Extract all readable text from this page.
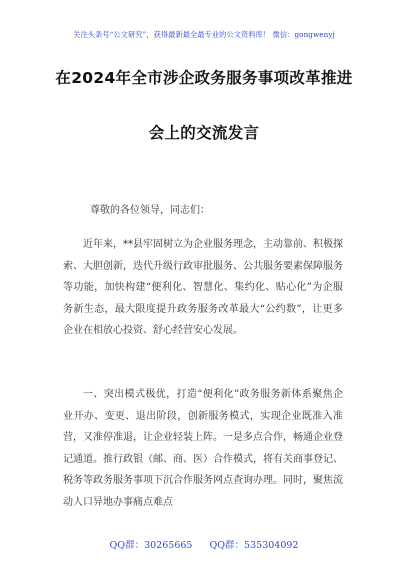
关注头条号“公文研究”，获得最新最全最专业的公文资料库！ 微信：gongwenyj
在2024年全市涉企政务服务事项改革推进
会上的交流发言
尊敬的各位领导，同志们：

近年来，**县牢固树立为企业服务理念，主动靠前、积极探索、大胆创新，迭代升级行政审批服务、公共服务要素保障服务等功能，加快构建“便利化、智慧化、集约化、贴心化”为企服务新生态，最大限度提升政务服务改革最大“公约数”，让更多企业在相放心投资、舒心经营安心发展。

一、突出模式极优，打造“便利化”政务服务新体系聚焦企业开办、变更、退出阶段，创新服务模式，实现企业既准入准营，又准停准退，让企业轻装上阵。一是多点合作，畅通企业登记通道。推行政银（邮、商、医）合作模式，将有关商事登记、税务等政务服务事项下沉合作服务网点查询办理。同时，聚焦流动人口异地办事痛点难点

QQ群：30265665 QQ群：535304092
